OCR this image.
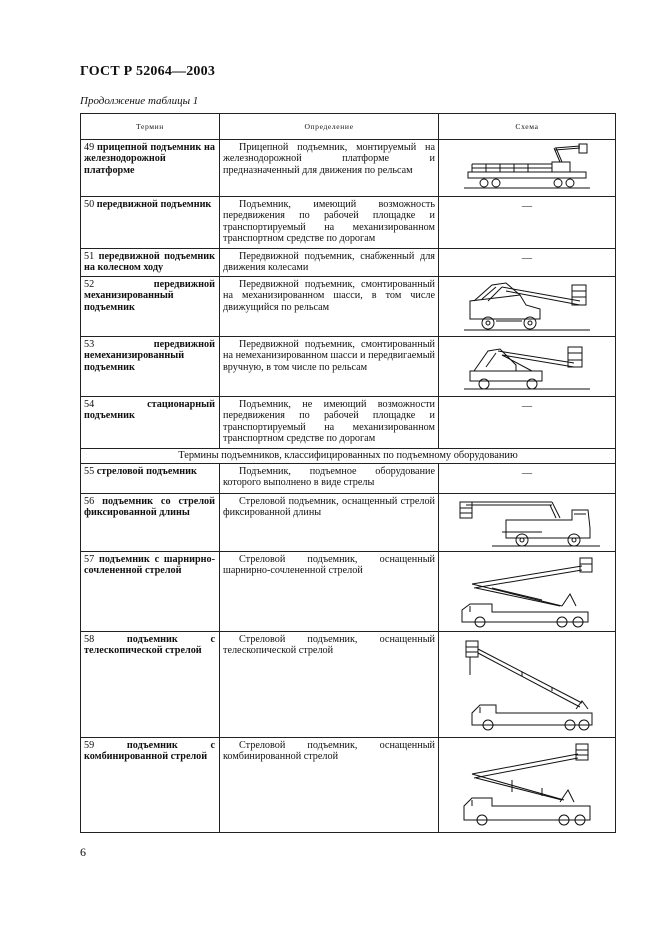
ГОСТ Р 52064—2003
Продолжение таблицы 1
Термин	Определение	Схема
49 прицепной подъемник на железнодорожной платформе	Прицепной подъемник, монтируемый на железнодорожной платформе и предназначенный для движения по рельсам	

50 передвижной подъемник	Подъемник, имеющий возможность передвижения по рабочей площадке и транспортируемый на механизированном транспортном средстве по дорогам	—
51 передвижной подъемник на колесном ходу	Передвижной подъемник, снабженный для движения колесами	—
52 передвижной механизированный подъемник	Передвижной подъемник, смонтированный на механизированном шасси, в том числе движущийся по рельсам	

53 передвижной немеханизированный подъемник	Передвижной подъемник, смонтированный на немеханизированном шасси и передвигаемый вручную, в том числе по рельсам	

54 стационарный подъемник	Подъемник, не имеющий возможности передвижения по рабочей площадке и транспортируемый на механизированном транспортном средстве по дорогам	—
Термины подъемников, классифицированных по подъемному оборудованию		
55 стреловой подъемник	Подъемник, подъемное оборудование которого выполнено в виде стрелы	—
56 подъемник со стрелой фиксированной длины	Стреловой подъемник, оснащенный стрелой фиксированной длины	

57 подъемник с шарнирно-сочлененной стрелой	Стреловой подъемник, оснащенный шарнирно-сочлененной стрелой	

58 подъемник с телескопической стрелой	Стреловой подъемник, оснащенный телескопической стрелой	

59 подъемник с комбинированной стрелой	Стреловой подъемник, оснащенный комбинированной стрелой	
6
